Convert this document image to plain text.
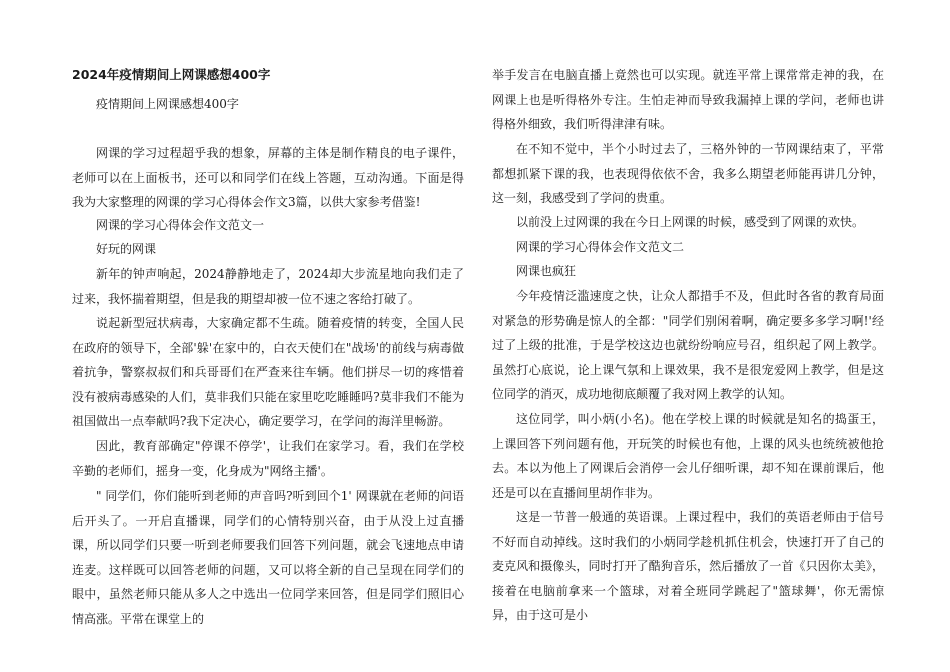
2024年疫情期间上网课感想400字

疫情期间上网课感想400字

网课的学习过程超乎我的想象，屏幕的主体是制作精良的电子课件，老师可以在上面板书，还可以和同学们在线上答题，互动沟通。下面是得我为大家整理的网课的学习心得体会作文3篇，以供大家参考借鉴!

网课的学习心得体会作文范文一

好玩的网课

新年的钟声响起，2024静静地走了，2024却大步流星地向我们走了过来，我怀揣着期望，但是我的期望却被一位不速之客给打破了。

说起新型冠状病毒，大家确定都不生疏。随着疫情的转变，全国人民在政府的领导下，全部'躲'在家中的，白衣天使们在"战场'的前线与病毒做着抗争，警察叔叔们和兵哥哥们在严查来往车辆。他们拼尽一切的疼惜着没有被病毒感染的人们，莫非我们只能在家里吃吃睡睡吗?莫非我们不能为祖国做出一点奉献吗?我下定决心，确定要学习，在学问的海洋里畅游。

因此，教育部确定"停课不停学'，让我们在家学习。看，我们在学校辛勤的老师们，摇身一变，化身成为"网络主播'。

" 同学们，你们能听到老师的声音吗?听到回个1' 网课就在老师的问语后开头了。一开启直播课，同学们的心情特别兴奋，由于从没上过直播课，所以同学们只要一听到老师要我们回答下列问题，就会飞速地点申请连麦。这样既可以回答老师的问题，又可以将全新的自己呈现在同学们的眼中，虽然老师只能从多人之中选出一位同学来回答，但是同学们照旧心情高涨。平常在课堂上的

举手发言在电脑直播上竟然也可以实现。就连平常上课常常走神的我，在网课上也是听得格外专注。生怕走神而导致我漏掉上课的学问，老师也讲得格外细致，我们听得津津有味。

在不知不觉中，半个小时过去了，三格外钟的一节网课结束了，平常都想抓紧下课的我，也表现得依依不舍，我多么期望老师能再讲几分钟，这一刻，我感受到了学问的贵重。

以前没上过网课的我在今日上网课的时候，感受到了网课的欢快。

网课的学习心得体会作文范文二

网课也疯狂

今年疫情泛滥速度之快，让众人都措手不及，但此时各省的教育局面对紧急的形势确是惊人的全都："同学们别闲着啊，确定要多多学习啊!'经过了上级的批准，于是学校这边也就纷纷响应号召，组织起了网上教学。虽然打心底说，论上课气氛和上课效果，我不是很宠爱网上教学，但是这位同学的消灭，成功地彻底颠覆了我对网上教学的认知。

这位同学，叫小炳(小名)。他在学校上课的时候就是知名的捣蛋王，上课回答下列问题有他，开玩笑的时候也有他，上课的风头也统统被他抢去。本以为他上了网课后会消停一会儿仔细听课，却不知在课前课后，他还是可以在直播间里胡作非为。

这是一节普一般通的英语课。上课过程中，我们的英语老师由于信号不好而自动掉线。这时我们的小炳同学趁机抓住机会，快速打开了自己的麦克风和摄像头，同时打开了酷狗音乐，然后播放了一首《只因你太美》，接着在电脑前拿来一个篮球，对着全班同学跳起了"篮球舞'，你无需惊异，由于这可是小
